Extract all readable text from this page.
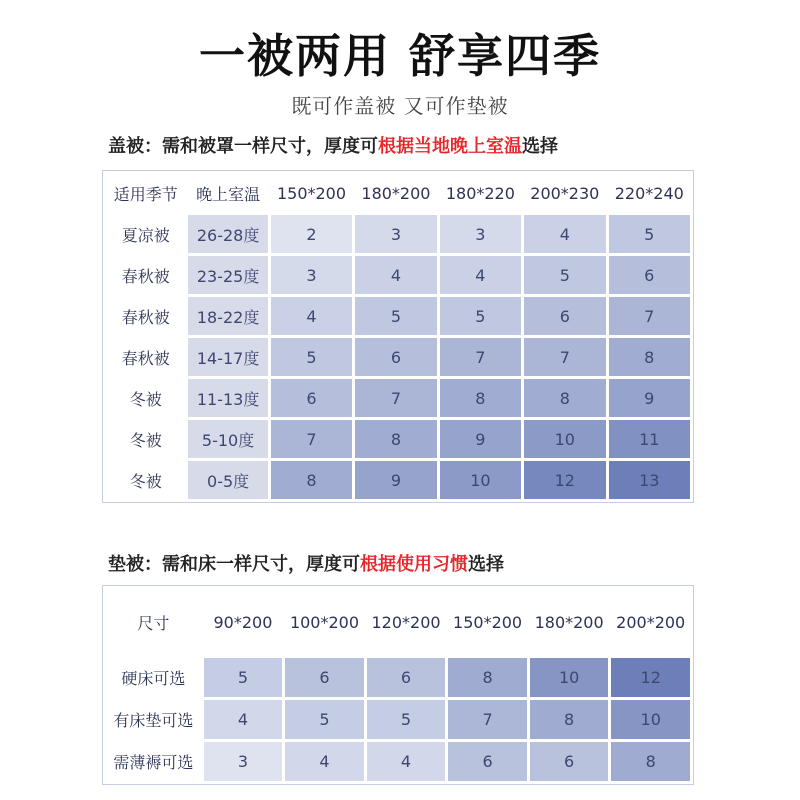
一被两用 舒享四季
既可作盖被 又可作垫被
盖被：需和被罩一样尺寸，厚度可根据当地晚上室温选择
适用季节	晚上室温	150*200	180*200	180*220	200*230	220*240
夏凉被	26-28度	2	3	3	4	5
春秋被	23-25度	3	4	4	5	6
春秋被	18-22度	4	5	5	6	7
春秋被	14-17度	5	6	7	7	8
冬被	11-13度	6	7	8	8	9
冬被	5-10度	7	8	9	10	11
冬被	0-5度	8	9	10	12	13
垫被：需和床一样尺寸，厚度可根据使用习惯选择
尺寸	90*200	100*200	120*200	150*200	180*200	200*200
硬床可选	5	6	6	8	10	12
有床垫可选	4	5	5	7	8	10
需薄褥可选	3	4	4	6	6	8
